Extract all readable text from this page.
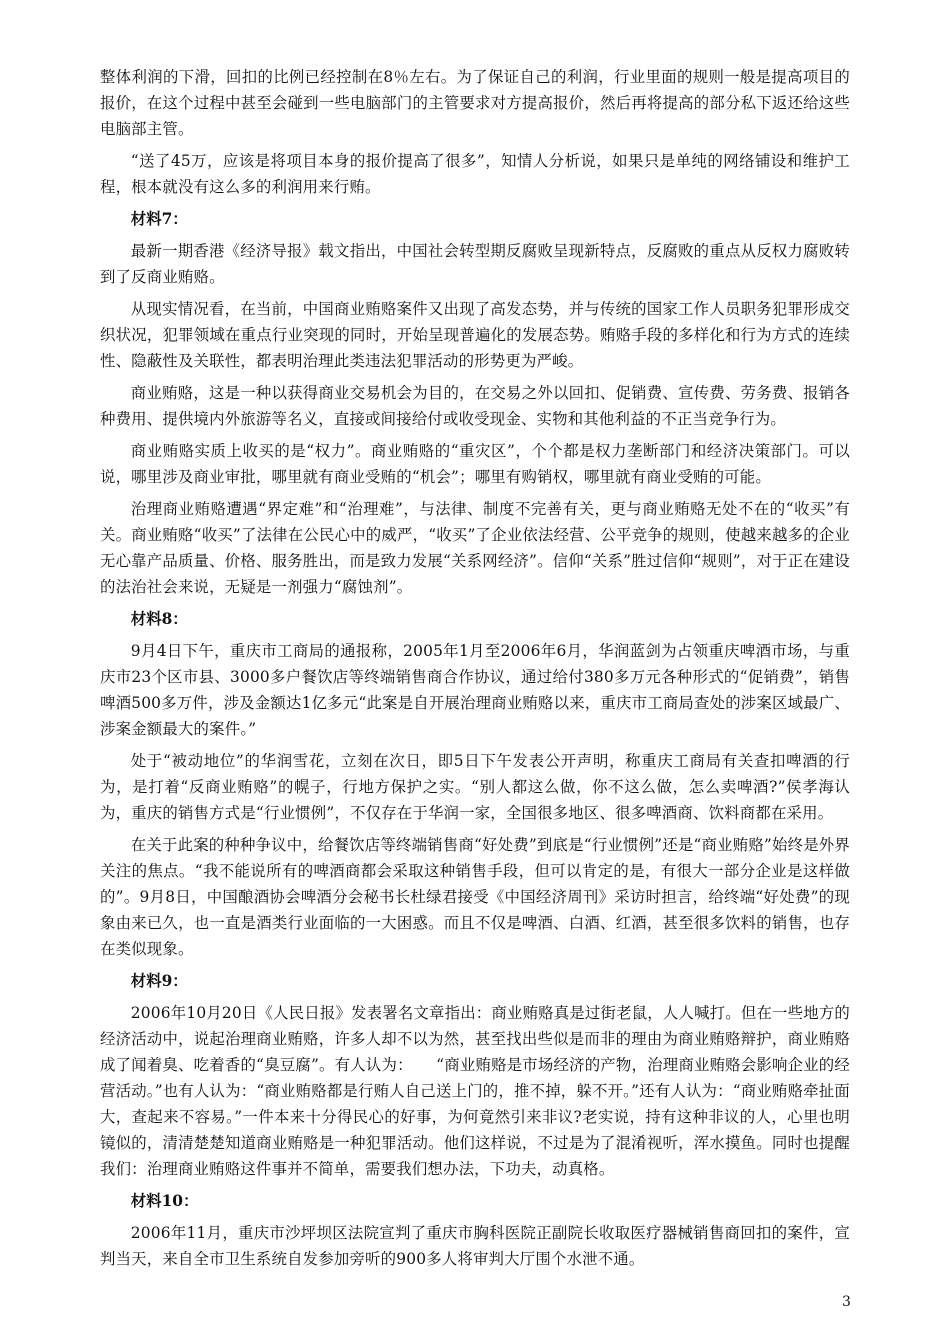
整体利润的下滑，回扣的比例已经控制在8％左右。为了保证自己的利润，行业里面的规则一般是提高项目的报价，在这个过程中甚至会碰到一些电脑部门的主管要求对方提高报价，然后再将提高的部分私下返还给这些电脑部主管。

“送了45万，应该是将项目本身的报价提高了很多”，知情人分析说，如果只是单纯的网络铺设和维护工程，根本就没有这么多的利润用来行贿。

材料7：

最新一期香港《经济导报》载文指出，中国社会转型期反腐败呈现新特点，反腐败的重点从反权力腐败转到了反商业贿赂。

从现实情况看，在当前，中国商业贿赂案件又出现了高发态势，并与传统的国家工作人员职务犯罪形成交织状况，犯罪领域在重点行业突现的同时，开始呈现普遍化的发展态势。贿赂手段的多样化和行为方式的连续性、隐蔽性及关联性，都表明治理此类违法犯罪活动的形势更为严峻。

商业贿赂，这是一种以获得商业交易机会为目的，在交易之外以回扣、促销费、宣传费、劳务费、报销各种费用、提供境内外旅游等名义，直接或间接给付或收受现金、实物和其他利益的不正当竞争行为。

商业贿赂实质上收买的是“权力”。商业贿赂的“重灾区”，个个都是权力垄断部门和经济决策部门。可以说，哪里涉及商业审批，哪里就有商业受贿的“机会”；哪里有购销权，哪里就有商业受贿的可能。

治理商业贿赂遭遇“界定难”和“治理难”，与法律、制度不完善有关，更与商业贿赂无处不在的“收买”有关。商业贿赂“收买”了法律在公民心中的威严，“收买”了企业依法经营、公平竞争的规则，使越来越多的企业无心靠产品质量、价格、服务胜出，而是致力发展“关系网经济”。信仰“关系”胜过信仰“规则”，对于正在建设的法治社会来说，无疑是一剂强力“腐蚀剂”。

材料8：

9月4日下午，重庆市工商局的通报称，2005年1月至2006年6月，华润蓝剑为占领重庆啤酒市场，与重庆市23个区市县、3000多户餐饮店等终端销售商合作协议，通过给付380多万元各种形式的“促销费”，销售啤酒500多万件，涉及金额达1亿多元“此案是自开展治理商业贿赂以来，重庆市工商局查处的涉案区域最广、涉案金额最大的案件。”

处于“被动地位”的华润雪花，立刻在次日，即5日下午发表公开声明，称重庆工商局有关查扣啤酒的行为，是打着“反商业贿赂”的幌子，行地方保护之实。“别人都这么做，你不这么做，怎么卖啤酒?”侯孝海认为，重庆的销售方式是“行业惯例”，不仅存在于华润一家，全国很多地区、很多啤酒商、饮料商都在采用。

在关于此案的种种争议中，给餐饮店等终端销售商“好处费”到底是“行业惯例”还是“商业贿赂”始终是外界关注的焦点。“我不能说所有的啤酒商都会采取这种销售手段，但可以肯定的是，有很大一部分企业是这样做的”。9月8日，中国酿酒协会啤酒分会秘书长杜绿君接受《中国经济周刊》采访时担言，给终端“好处费”的现象由来已久，也一直是酒类行业面临的一大困惑。而且不仅是啤酒、白酒、红酒，甚至很多饮料的销售，也存在类似现象。

材料9：

2006年10月20日《人民日报》发表署名文章指出：商业贿赂真是过街老鼠，人人喊打。但在一些地方的经济活动中，说起治理商业贿赂，许多人却不以为然，甚至找出些似是而非的理由为商业贿赂辩护，商业贿赂成了闻着臭、吃着香的“臭豆腐”。有人认为：　　“商业贿赂是市场经济的产物，治理商业贿赂会影响企业的经营活动。”也有人认为：“商业贿赂都是行贿人自己送上门的，推不掉，躲不开。”还有人认为：“商业贿赂牵扯面大，查起来不容易。”一件本来十分得民心的好事，为何竟然引来非议?老实说，持有这种非议的人，心里也明镜似的，清清楚楚知道商业贿赂是一种犯罪活动。他们这样说，不过是为了混淆视听，浑水摸鱼。同时也提醒我们：治理商业贿赂这件事并不简单，需要我们想办法，下功夫，动真格。

材料10：

2006年11月，重庆市沙坪坝区法院宣判了重庆市胸科医院正副院长收取医疗器械销售商回扣的案件，宣判当天，来自全市卫生系统自发参加旁听的900多人将审判大厅围个水泄不通。

3
